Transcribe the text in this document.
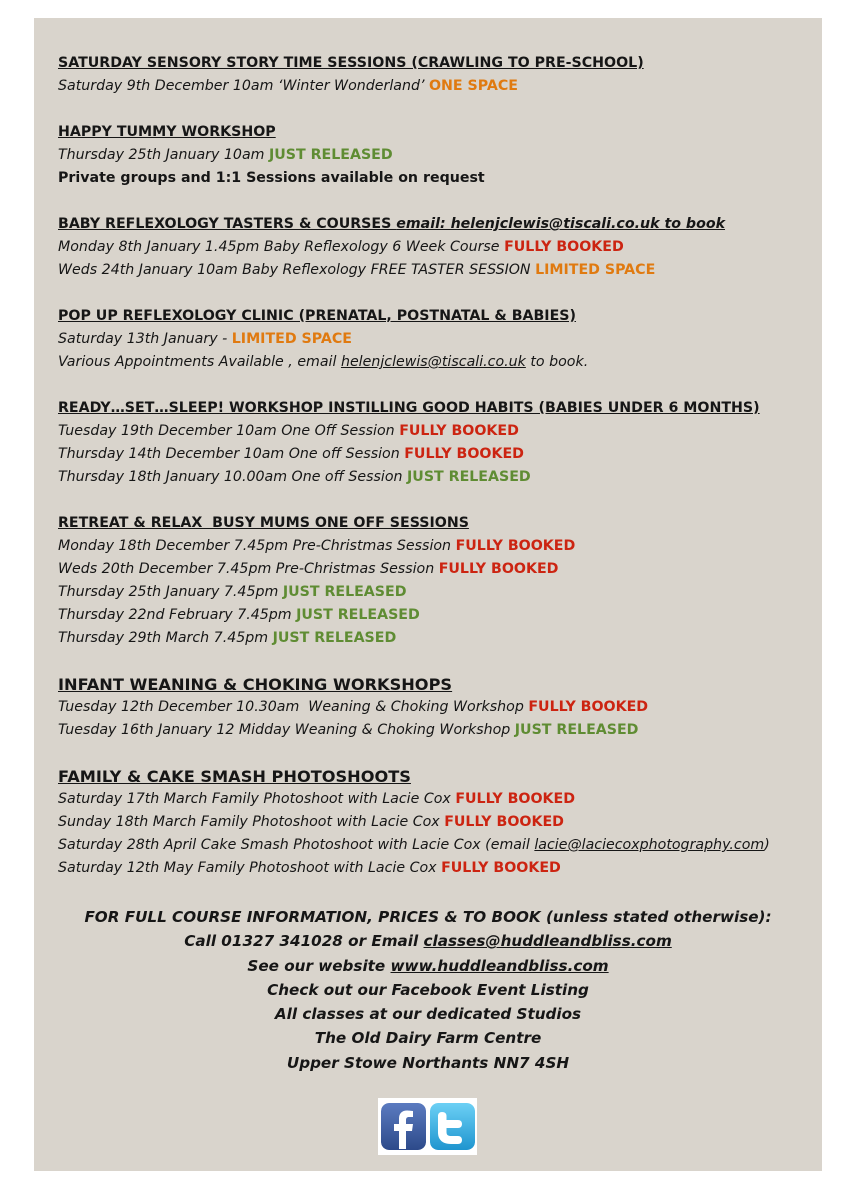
SATURDAY SENSORY STORY TIME SESSIONS (CRAWLING TO PRE-SCHOOL)
Saturday 9th December 10am ‘Winter Wonderland’ ONE SPACE
HAPPY TUMMY WORKSHOP
Thursday 25th January 10am JUST RELEASED
Private groups and 1:1 Sessions available on request
BABY REFLEXOLOGY TASTERS & COURSES email: helenjclewis@tiscali.co.uk to book
Monday 8th January 1.45pm Baby Reflexology 6 Week Course FULLY BOOKED
Weds 24th January 10am Baby Reflexology FREE TASTER SESSION LIMITED SPACE
POP UP REFLEXOLOGY CLINIC (PRENATAL, POSTNATAL & BABIES)
Saturday 13th January - LIMITED SPACE
Various Appointments Available , email helenjclewis@tiscali.co.uk to book.
READY…SET…SLEEP! WORKSHOP INSTILLING GOOD HABITS (BABIES UNDER 6 MONTHS)
Tuesday 19th December 10am One Off Session FULLY BOOKED
Thursday 14th December 10am One off Session FULLY BOOKED
Thursday 18th January 10.00am One off Session JUST RELEASED
RETREAT & RELAX  BUSY MUMS ONE OFF SESSIONS
Monday 18th December 7.45pm Pre-Christmas Session FULLY BOOKED
Weds 20th December 7.45pm Pre-Christmas Session FULLY BOOKED
Thursday 25th January 7.45pm JUST RELEASED
Thursday 22nd February 7.45pm JUST RELEASED
Thursday 29th March 7.45pm JUST RELEASED
INFANT WEANING & CHOKING WORKSHOPS
Tuesday 12th December 10.30am  Weaning & Choking Workshop FULLY BOOKED
Tuesday 16th January 12 Midday Weaning & Choking Workshop JUST RELEASED
FAMILY & CAKE SMASH PHOTOSHOOTS
Saturday 17th March Family Photoshoot with Lacie Cox FULLY BOOKED
Sunday 18th March Family Photoshoot with Lacie Cox FULLY BOOKED
Saturday 28th April Cake Smash Photoshoot with Lacie Cox (email lacie@laciecoxphotography.com)
Saturday 12th May Family Photoshoot with Lacie Cox FULLY BOOKED
FOR FULL COURSE INFORMATION, PRICES & TO BOOK (unless stated otherwise):
Call 01327 341028 or Email classes@huddleandbliss.com
See our website www.huddleandbliss.com
Check out our Facebook Event Listing
All classes at our dedicated Studios
The Old Dairy Farm Centre
Upper Stowe Northants NN7 4SH
